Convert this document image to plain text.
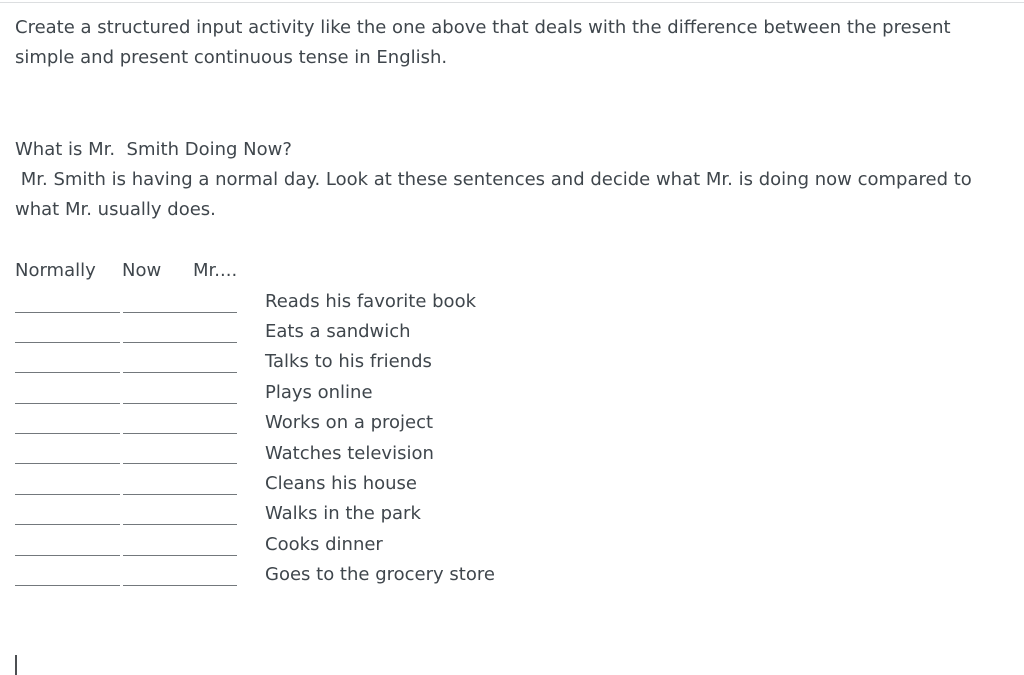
Create a structured input activity like the one above that deals with the difference between the present simple and present continuous tense in English.

What is Mr.  Smith Doing Now?

Mr. Smith is having a normal day. Look at these sentences and decide what Mr. is doing now compared to what Mr. usually does.

Normally	Now	Mr....
Reads his favorite book
Eats a sandwich
Talks to his friends
Plays online
Works on a project
Watches television
Cleans his house
Walks in the park
Cooks dinner
Goes to the grocery store
